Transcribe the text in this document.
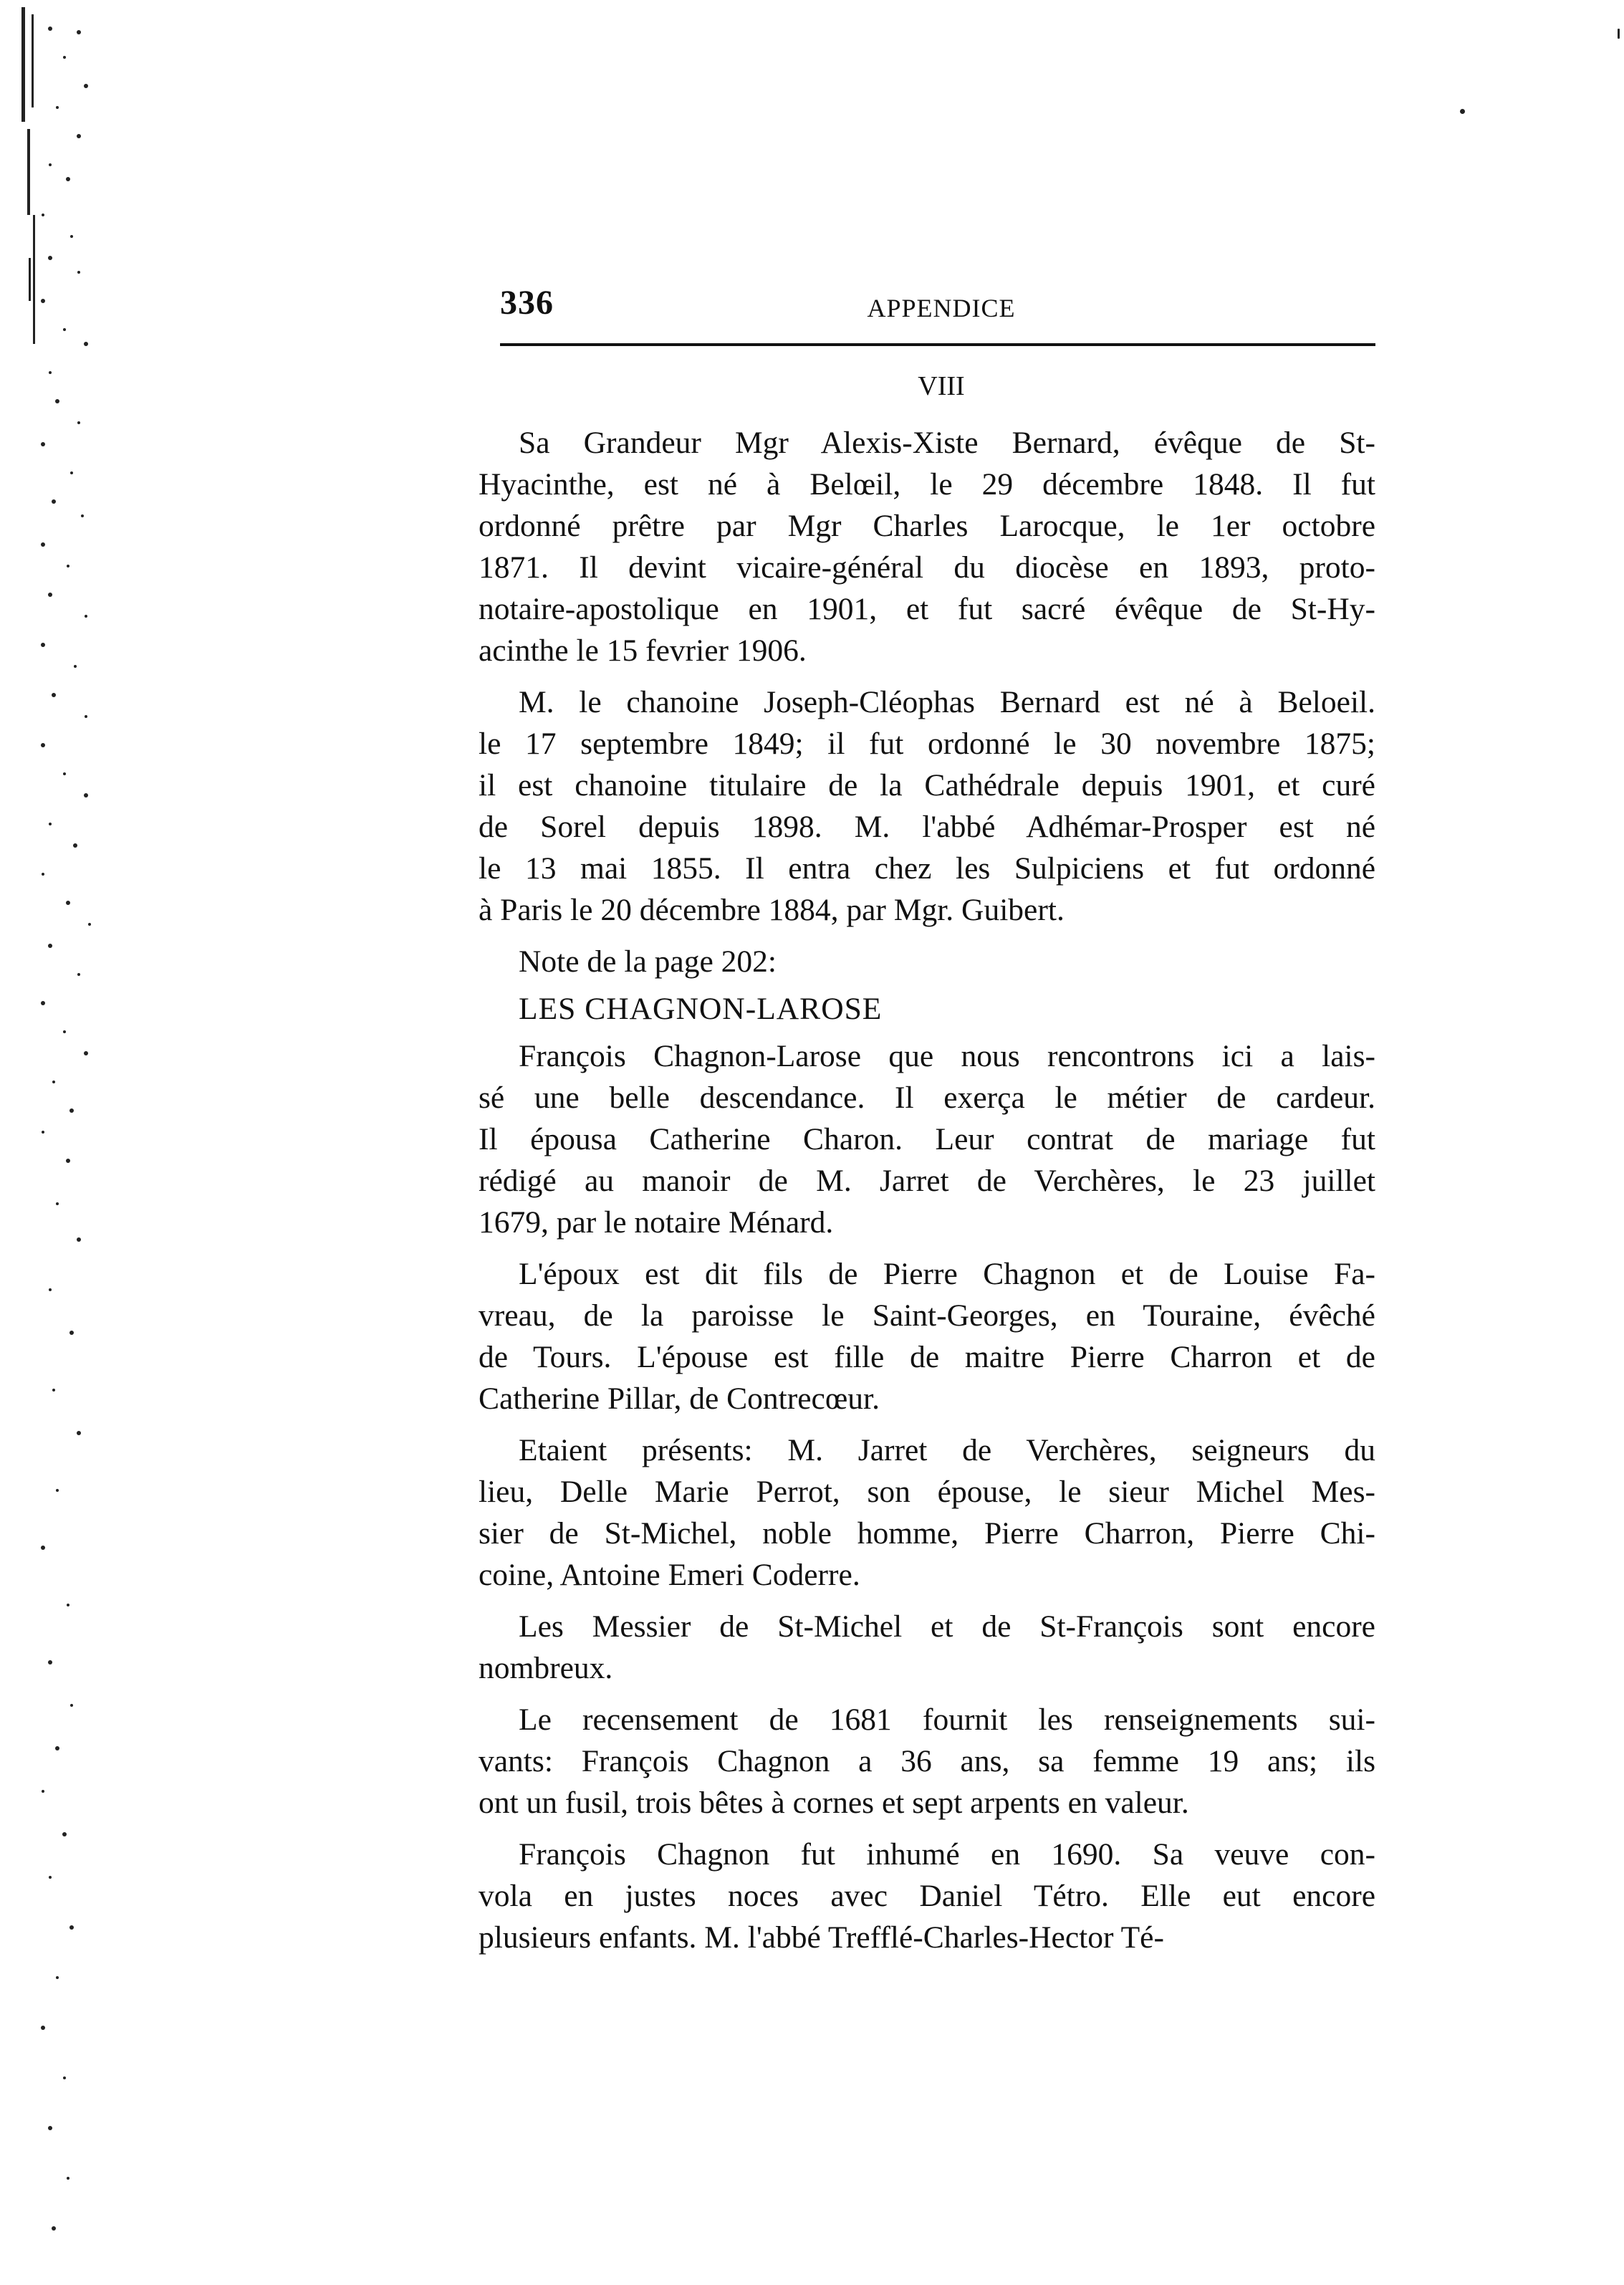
336	APPENDICE
VIII
Sa Grandeur Mgr Alexis-Xiste Bernard, évêque de St-
Hyacinthe, est né à Belœil, le 29 décembre 1848. Il fut
ordonné prêtre par Mgr Charles Larocque, le 1er octobre
1871. Il devint vicaire-général du diocèse en 1893, proto-
notaire-apostolique en 1901, et fut sacré évêque de St-Hy-
acinthe le 15 fevrier 1906.
M. le chanoine Joseph-Cléophas Bernard est né à Beloeil.
le 17 septembre 1849; il fut ordonné le 30 novembre 1875;
il est chanoine titulaire de la Cathédrale depuis 1901, et curé
de Sorel depuis 1898. M. l'abbé Adhémar-Prosper est né
le 13 mai 1855. Il entra chez les Sulpiciens et fut ordonné
à Paris le 20 décembre 1884, par Mgr. Guibert.
Note de la page 202:
LES CHAGNON-LAROSE
François Chagnon-Larose que nous rencontrons ici a lais-
sé une belle descendance. Il exerça le métier de cardeur.
Il épousa Catherine Charon. Leur contrat de mariage fut
rédigé au manoir de M. Jarret de Verchères, le 23 juillet
1679, par le notaire Ménard.
L'époux est dit fils de Pierre Chagnon et de Louise Fa-
vreau, de la paroisse le Saint-Georges, en Touraine, évêché
de Tours. L'épouse est fille de maitre Pierre Charron et de
Catherine Pillar, de Contrecœur.
Etaient présents: M. Jarret de Verchères, seigneurs du
lieu, Delle Marie Perrot, son épouse, le sieur Michel Mes-
sier de St-Michel, noble homme, Pierre Charron, Pierre Chi-
coine, Antoine Emeri Coderre.
Les Messier de St-Michel et de St-François sont encore
nombreux.
Le recensement de 1681 fournit les renseignements sui-
vants: François Chagnon a 36 ans, sa femme 19 ans; ils
ont un fusil, trois bêtes à cornes et sept arpents en valeur.
François Chagnon fut inhumé en 1690. Sa veuve con-
vola en justes noces avec Daniel Tétro. Elle eut encore
plusieurs enfants. M. l'abbé Trefflé-Charles-Hector Té-
